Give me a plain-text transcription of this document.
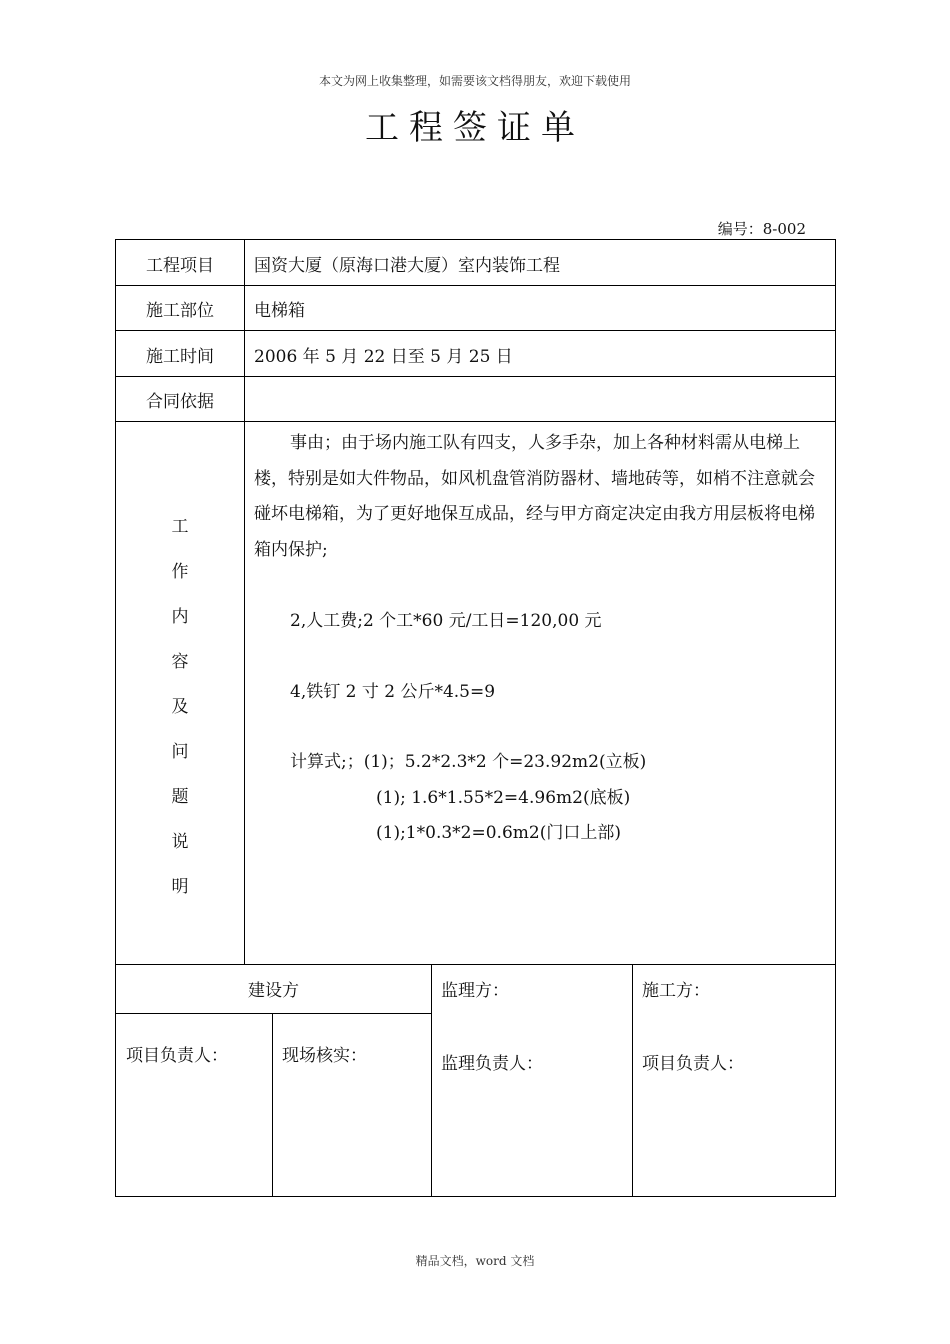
本文为网上收集整理，如需要该文档得朋友，欢迎下载使用
工程签证单
编号：8-002
工程项目	国资大厦（原海口港大厦）室内装饰工程
施工部位	电梯箱
施工时间	2006 年 5 月 22 日至 5 月 25 日
合同依据
工
作
内
容
及
问
题
说
明

事由；由于场内施工队有四支，人多手杂，加上各种材料需从电梯上楼，特别是如大件物品，如风机盘管消防器材、墙地砖等，如梢不注意就会碰坏电梯箱，为了更好地保互成品，经与甲方商定决定由我方用层板将电梯箱内保护;

2,人工费;2 个工*60 元/工日=120,00 元
4,铁钉 2 寸 2 公斤*4.5=9
计算式;；(1)；5.2*2.3*2 个=23.92m2(立板)
(1); 1.6*1.55*2=4.96m2(底板)
(1);1*0.3*2=0.6m2(门口上部)
建设方
项目负责人：	现场核实：
监理方：
监理负责人：
施工方：
项目负责人：
精品文档，word 文档
